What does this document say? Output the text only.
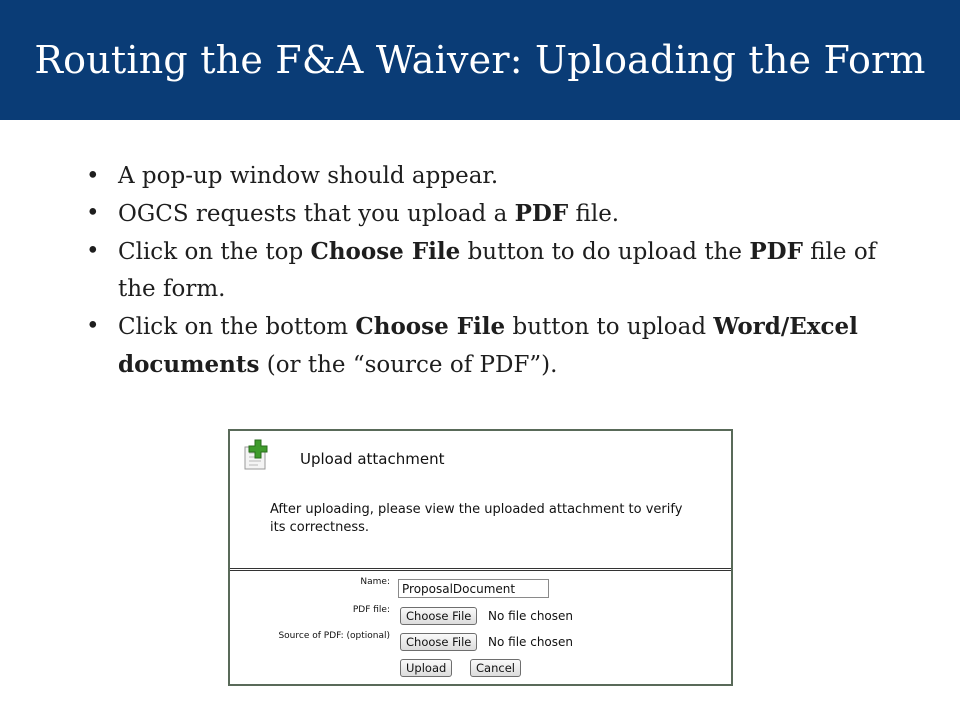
Routing the F&A Waiver: Uploading the Form
• A pop-up window should appear.
• OGCS requests that you upload a PDF file.
• Click on the top Choose File button to do upload the PDF file of the form.
• Click on the bottom Choose File button to upload Word/Excel documents (or the “source of PDF”).
Upload attachment
After uploading, please view the uploaded attachment to verify its correctness.
Name:
ProposalDocument
PDF file:	Choose File	No file chosen
Source of PDF: (optional)	Choose File	No file chosen
Upload	Cancel
